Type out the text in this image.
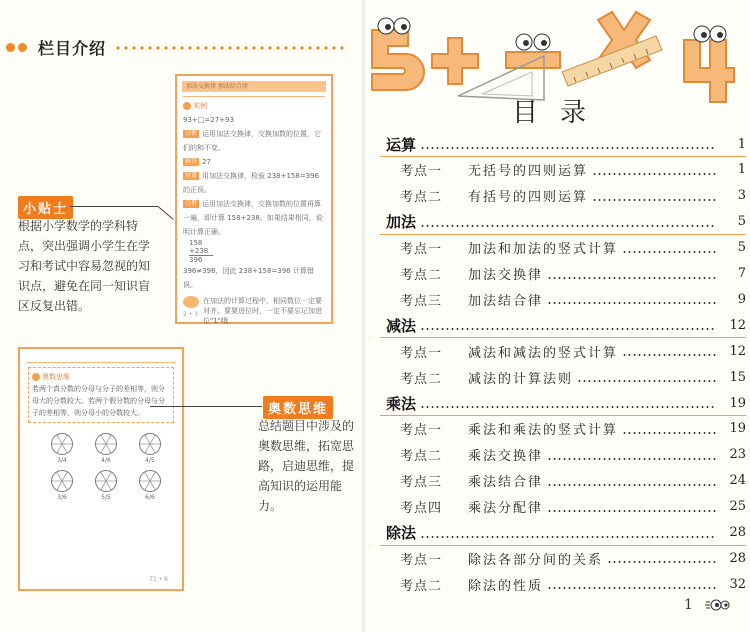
栏目介绍
加法交换律 加法结合律
实例
93+□=27+93
分析 运用加法交换律，交换加数的位置，它们的和不变。
解答 27
验算 用加法交换律，检验 238+158=396 的正误。
分析 运用加法交换律，交换加数的位置再算一遍，即计算 158+238。如果结果相同，说明计算正确。
158
+238
396
396≠396，因此 238+158=396 计算错误。
在加法的计算过程中，相同数位一定要对齐。要要进位时，一定不要忘记加进位"1"哦。
2 • 3
小贴士
根据小学数学的学科特点，突出强调小学生在学习和考试中容易忽视的知识点，避免在同一知识盲区反复出错。
奥数思维
若两个真分数的分母与分子的差相等，则分母大的分数较大。若两个假分数的分母与分子的差相等，则分母小的分数较大。
3/4	4/6	4/5
3/6	5/5	6/6
71 • 6
奥数思维
总结题目中涉及的奥数思维，拓宽思路，启迪思维，提高知识的运用能力。
目录
运算	1
考点一	无括号的四则运算	1
考点二	有括号的四则运算	3
加法	5
考点一	加法和加法的竖式计算	5
考点二	加法交换律	7
考点三	加法结合律	9
减法	12
考点一	减法和减法的竖式计算	12
考点二	减法的计算法则	15
乘法	19
考点一	乘法和乘法的竖式计算	19
考点二	乘法交换律	23
考点三	乘法结合律	24
考点四	乘法分配律	25
除法	28
考点一	除法各部分间的关系	28
考点二	除法的性质	32
1
